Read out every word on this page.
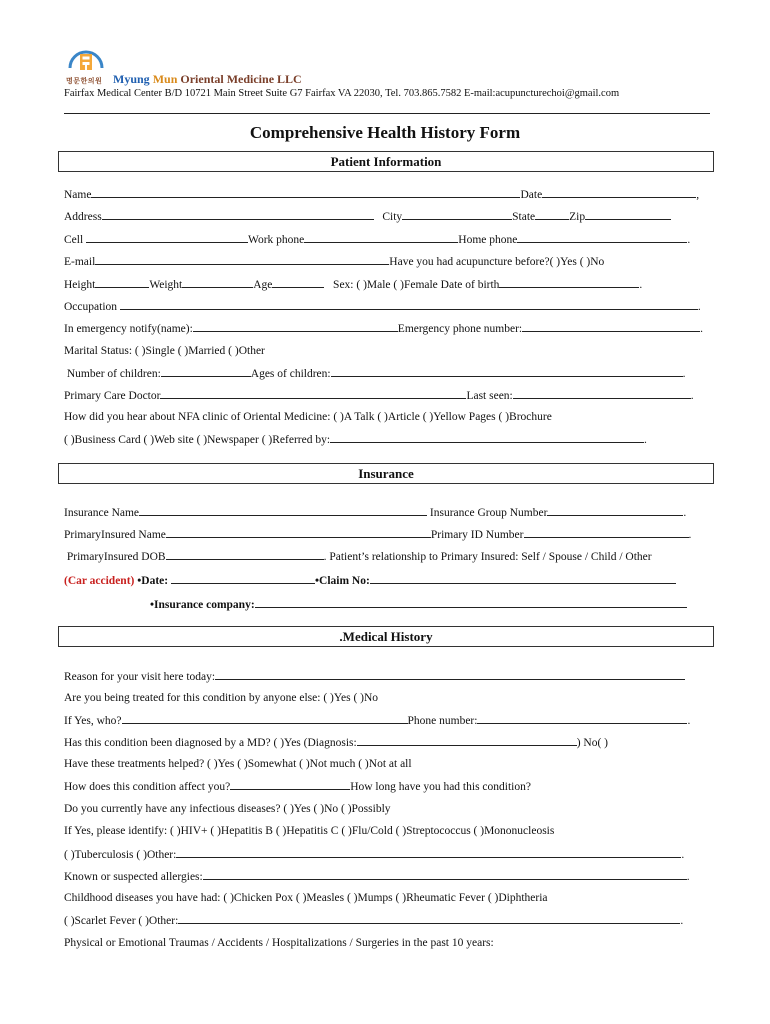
명문한의원 Myung Mun Oriental Medicine LLC
Fairfax Medical Center B/D 10721 Main Street Suite G7 Fairfax VA 22030, Tel. 703.865.7582 E-mail:acupuncturechoi@gmail.com
Comprehensive Health History Form
Patient Information
Name	Date	,
Address	City	State	Zip
Cell	Work phone	Home phone	.
E-mail	Have you had acupuncture before?( )Yes ( )No
Height	Weight	Age	Sex: ( )Male ( )Female Date of birth	.
Occupation	.
In emergency notify(name):	Emergency phone number:	.
Marital Status: ( )Single ( )Married ( )Other
Number of children:	Ages of children:	.
Primary Care Doctor	Last seen:	.
How did you hear about NFA clinic of Oriental Medicine: ( )A Talk ( )Article ( )Yellow Pages ( )Brochure
( )Business Card ( )Web site ( )Newspaper ( )Referred by:	.
Insurance
Insurance Name	Insurance Group Number	.
PrimaryInsured Name	Primary ID Number	.
PrimaryInsured DOB	. Patient’s relationship to Primary Insured: Self / Spouse / Child / Other
(Car accident) •Date:	•Claim No:
•Insurance company:
.Medical History
Reason for your visit here today:
Are you being treated for this condition by anyone else: ( )Yes ( )No
If Yes, who?	Phone number:	.
Has this condition been diagnosed by a MD? ( )Yes (Diagnosis:	) No( )
Have these treatments helped? ( )Yes ( )Somewhat ( )Not much ( )Not at all
How does this condition affect you?	How long have you had this condition?
Do you currently have any infectious diseases? ( )Yes ( )No ( )Possibly
If Yes, please identify: ( )HIV+ ( )Hepatitis B ( )Hepatitis C ( )Flu/Cold ( )Streptococcus ( )Mononucleosis
( )Tuberculosis ( )Other:	.
Known or suspected allergies:	.
Childhood diseases you have had: ( )Chicken Pox ( )Measles ( )Mumps ( )Rheumatic Fever ( )Diphtheria
( )Scarlet Fever ( )Other:	.
Physical or Emotional Traumas / Accidents / Hospitalizations / Surgeries in the past 10 years:
